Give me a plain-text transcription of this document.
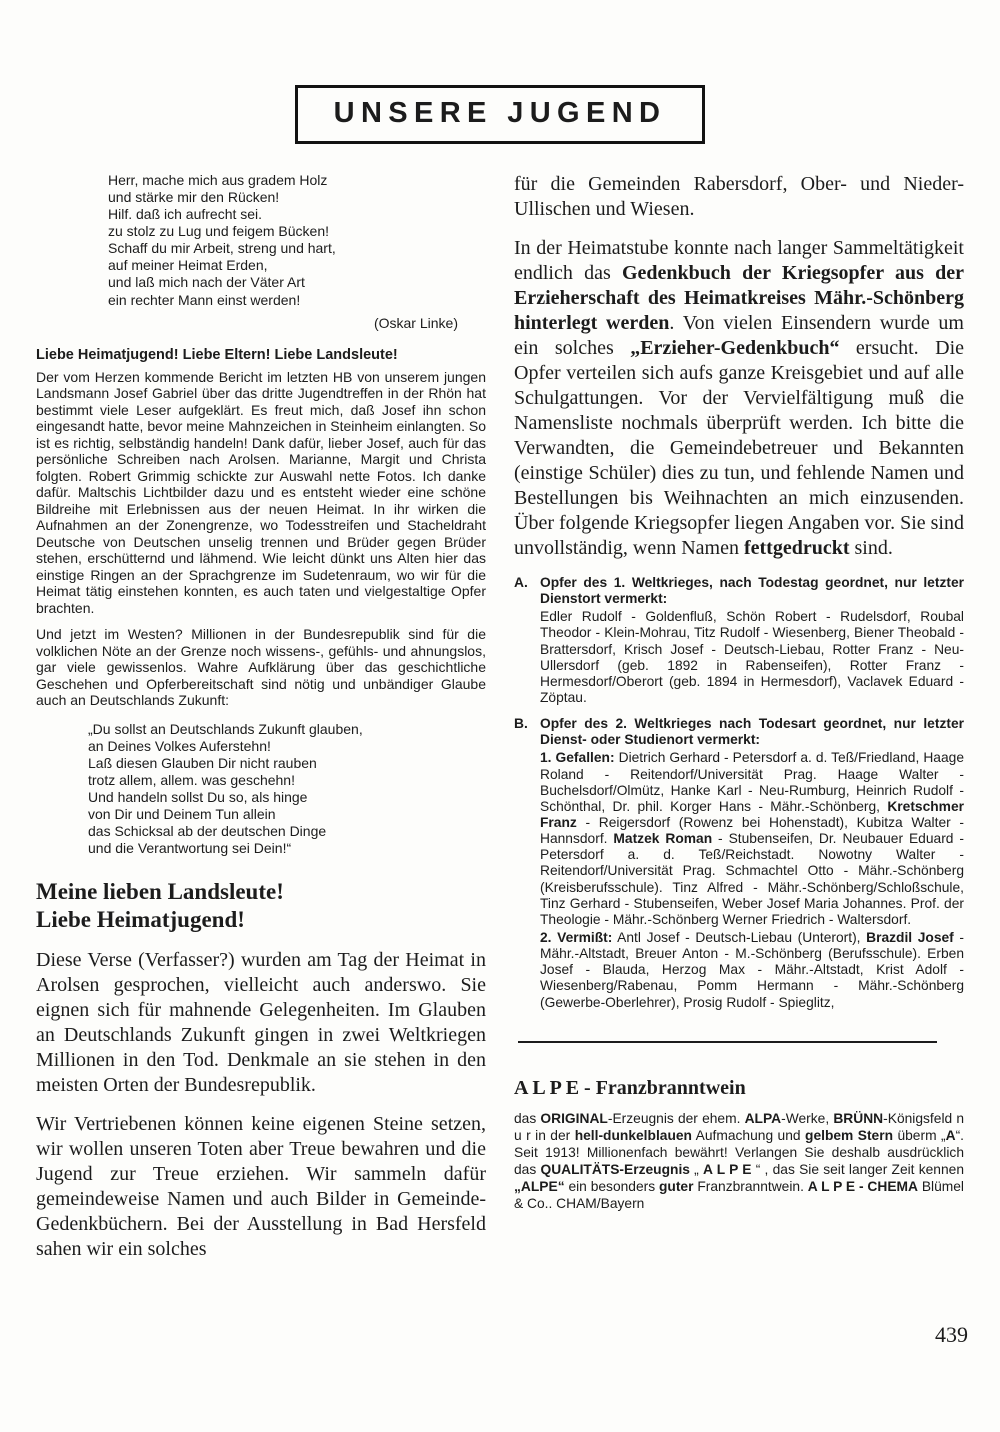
UNSERE JUGEND
Herr, mache mich aus gradem Holz
und stärke mir den Rücken!
Hilf. daß ich aufrecht sei.
zu stolz zu Lug und feigem Bücken!
Schaff du mir Arbeit, streng und hart,
auf meiner Heimat Erden,
und laß mich nach der Väter Art
ein rechter Mann einst werden!
(Oskar Linke)
Liebe Heimatjugend! Liebe Eltern! Liebe Landsleute!

Der vom Herzen kommende Bericht im letzten HB von unserem jungen Landsmann Josef Gabriel über das dritte Jugendtreffen in der Rhön hat bestimmt viele Leser aufgeklärt. Es freut mich, daß Josef ihn schon eingesandt hatte, bevor meine Mahnzeichen in Steinheim einlangten. So ist es richtig, selbständig handeln! Dank dafür, lieber Josef, auch für das persönliche Schreiben nach Arolsen. Marianne, Margit und Christa folgten. Robert Grimmig schickte zur Auswahl nette Fotos. Ich danke dafür. Maltschis Lichtbilder dazu und es entsteht wieder eine schöne Bildreihe mit Erlebnissen aus der neuen Heimat. In ihr wirken die Aufnahmen an der Zonengrenze, wo Todesstreifen und Stacheldraht Deutsche von Deutschen unselig trennen und Brüder gegen Brüder stehen, erschütternd und lähmend. Wie leicht dünkt uns Alten hier das einstige Ringen an der Sprachgrenze im Sudetenraum, wo wir für die Heimat tätig einstehen konnten, es auch taten und vielgestaltige Opfer brachten.

Und jetzt im Westen? Millionen in der Bundesrepublik sind für die volklichen Nöte an der Grenze noch wissens-, gefühls- und ahnungslos, gar viele gewissenlos. Wahre Aufklärung über das geschichtliche Geschehen und Opferbereitschaft sind nötig und unbändiger Glaube auch an Deutschlands Zukunft:

„Du sollst an Deutschlands Zukunft glauben,
an Deines Volkes Auferstehn!
Laß diesen Glauben Dir nicht rauben
trotz allem, allem. was geschehn!
Und handeln sollst Du so, als hinge
von Dir und Deinem Tun allein
das Schicksal ab der deutschen Dinge
und die Verantwortung sei Dein!“
Meine lieben Landsleute!
Liebe Heimatjugend!

Diese Verse (Verfasser?) wurden am Tag der Heimat in Arolsen gesprochen, vielleicht auch anderswo. Sie eignen sich für mahnende Gelegenheiten. Im Glauben an Deutschlands Zukunft gingen in zwei Weltkriegen Millionen in den Tod. Denkmale an sie stehen in den meisten Orten der Bundesrepublik.

Wir Vertriebenen können keine eigenen Steine setzen, wir wollen unseren Toten aber Treue bewahren und die Jugend zur Treue erziehen. Wir sammeln dafür gemeindeweise Namen und auch Bilder in Gemeinde-Gedenkbüchern. Bei der Ausstellung in Bad Hersfeld sahen wir ein solches

für die Gemeinden Rabersdorf, Ober- und Nieder-Ullischen und Wiesen.

In der Heimatstube konnte nach langer Sammeltätigkeit endlich das Gedenkbuch der Kriegsopfer aus der Erzieherschaft des Heimatkreises Mähr.-Schönberg hinterlegt werden. Von vielen Einsendern wurde um ein solches „Erzieher-Gedenkbuch“ ersucht. Die Opfer verteilen sich aufs ganze Kreisgebiet und auf alle Schulgattungen. Vor der Vervielfältigung muß die Namensliste nochmals überprüft werden. Ich bitte die Verwandten, die Gemeindebetreuer und Bekannten (einstige Schüler) dies zu tun, und fehlende Namen und Bestellungen bis Weihnachten an mich einzusenden. Über folgende Kriegsopfer liegen Angaben vor. Sie sind unvollständig, wenn Namen fettgedruckt sind.

A. Opfer des 1. Weltkrieges, nach Todestag geordnet, nur letzter Dienstort vermerkt:
Edler Rudolf - Goldenfluß, Schön Robert - Rudelsdorf, Roubal Theodor - Klein-Mohrau, Titz Rudolf - Wiesenberg, Biener Theobald - Brattersdorf, Krisch Josef - Deutsch-Liebau, Rotter Franz - Neu-Ullersdorf (geb. 1892 in Rabenseifen), Rotter Franz - Hermesdorf/Oberort (geb. 1894 in Hermesdorf), Vaclavek Eduard - Zöptau.
B. Opfer des 2. Weltkrieges nach Todesart geordnet, nur letzter Dienst- oder Studienort vermerkt:
1. Gefallen: Dietrich Gerhard - Petersdorf a. d. Teß/Friedland, Haage Roland - Reitendorf/Universität Prag. Haage Walter - Buchelsdorf/Olmütz, Hanke Karl - Neu-Rumburg, Heinrich Rudolf - Schönthal, Dr. phil. Korger Hans - Mähr.-Schönberg, Kretschmer Franz - Reigersdorf (Rowenz bei Hohenstadt), Kubitza Walter - Hannsdorf. Matzek Roman - Stubenseifen, Dr. Neubauer Eduard - Petersdorf a. d. Teß/Reichstadt. Nowotny Walter - Reitendorf/Universität Prag. Schmachtel Otto - Mähr.-Schönberg (Kreisberufsschule). Tinz Alfred - Mähr.-Schönberg/Schloßschule, Tinz Gerhard - Stubenseifen, Weber Josef Maria Johannes. Prof. der Theologie - Mähr.-Schönberg Werner Friedrich - Waltersdorf.
2. Vermißt: Antl Josef - Deutsch-Liebau (Unterort), Brazdil Josef - Mähr.-Altstadt, Breuer Anton - M.-Schönberg (Berufsschule). Erben Josef - Blauda, Herzog Max - Mähr.-Altstadt, Krist Adolf - Wiesenberg/Rabenau, Pomm Hermann - Mähr.-Schönberg (Gewerbe-Oberlehrer), Prosig Rudolf - Spieglitz,
A L P E - Franzbranntwein

das ORIGINAL-Erzeugnis der ehem. ALPA-Werke, BRÜNN-Königsfeld n u r in der hell-dunkelblauen Aufmachung und gelbem Stern überm „A“. Seit 1913! Millionenfach bewährt! Verlangen Sie deshalb ausdrücklich das QUALITÄTS-Erzeugnis „ A L P E “ , das Sie seit langer Zeit kennen „ALPE“ ein besonders guter Franzbranntwein. A L P E - CHEMA Blümel & Co.. CHAM/Bayern

439
